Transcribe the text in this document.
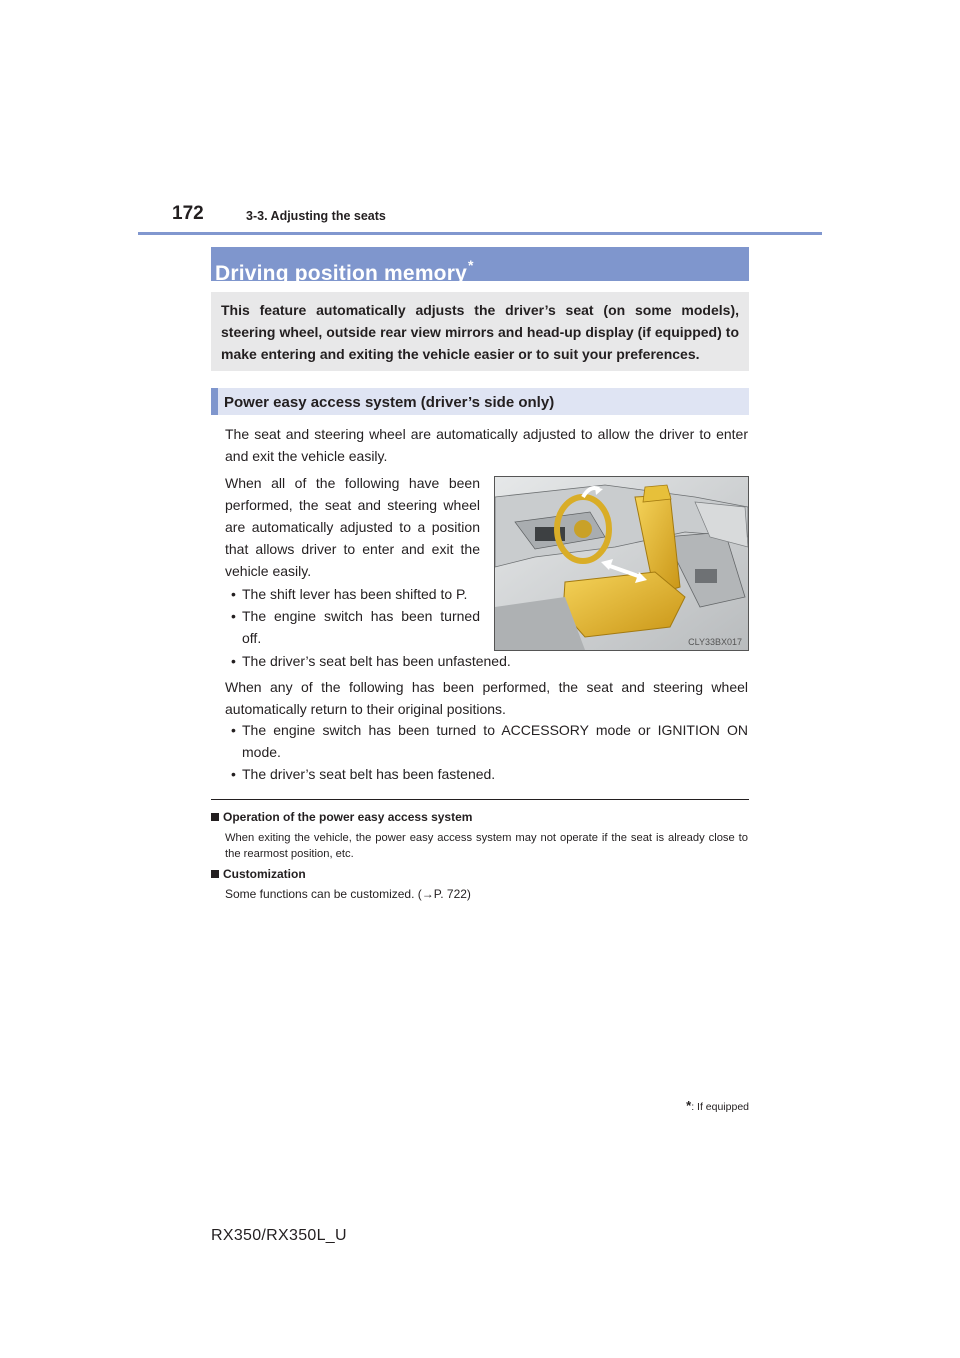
172	3-3. Adjusting the seats
Driving position memory*
This feature automatically adjusts the driver’s seat (on some models), steering wheel, outside rear view mirrors and head-up display (if equipped) to make entering and exiting the vehicle easier or to suit your preferences.
Power easy access system (driver’s side only)
The seat and steering wheel are automatically adjusted to allow the driver to enter and exit the vehicle easily.
When all of the following have been performed, the seat and steering wheel are automatically adjusted to a position that allows driver to enter and exit the vehicle easily.
• The shift lever has been shifted to P.
• The engine switch has been turned off.
• The driver’s seat belt has been unfastened.
When any of the following has been performed, the seat and steering wheel automatically return to their original positions.
• The engine switch has been turned to ACCESSORY mode or IGNITION ON mode.
• The driver’s seat belt has been fastened.
CLY33BX017
Operation of the power easy access system
When exiting the vehicle, the power easy access system may not operate if the seat is already close to the rearmost position, etc.
Customization
Some functions can be customized. (→P. 722)
*: If equipped
RX350/RX350L_U
